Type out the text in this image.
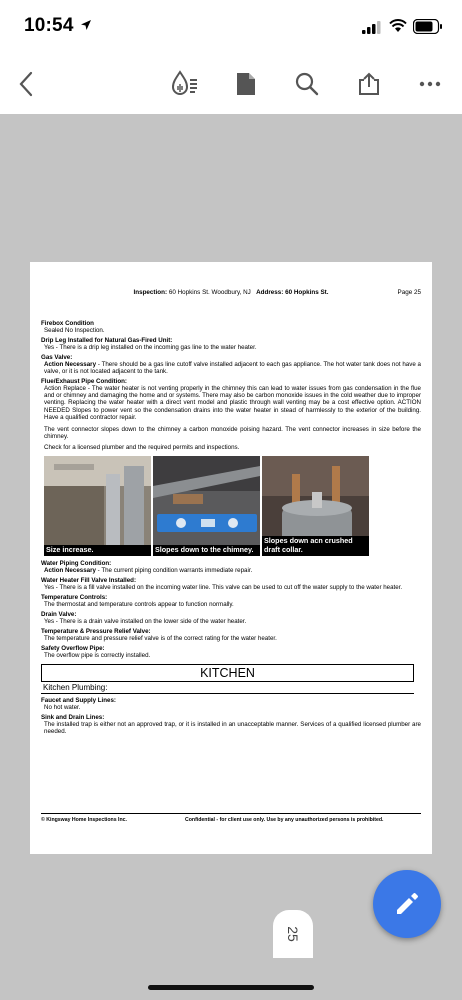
10:54
Inspection: 60 Hopkins St. Woodbury, NJ Address: 60 Hopkins St.	Page 25
Firebox Condition
Sealed No Inspection.
Drip Leg Installed for Natural Gas-Fired Unit:
Yes - There is a drip leg installed on the incoming gas line to the water heater.
Gas Valve:
Action Necessary - There should be a gas line cutoff valve installed adjacent to each gas appliance. The hot water tank does not have a valve, or it is not located adjacent to the tank.
Flue/Exhaust Pipe Condition:
Action Replace - The water heater is not venting properly in the chimney this can lead to water issues from gas condensation in the flue and or chimney and damaging the home and or systems. There may also be carbon monoxide issues in the cold weather due to improper venting. Replacing the water heater with a direct vent model and plastic through wall venting may be a cost effective option. ACTION NEEDED Slopes to power vent so the condensation drains into the water heater in stead of harmlessly to the exterior of the building. Have a qualified contractor repair.
The vent connector slopes down to the chimney a carbon monoxide poising hazard. The vent connector increases in size before the chimney.
Check for a licensed plumber and the required permits and inspections.
Size increase.	Slopes down to the chimney.
Slopes down acn crushed draft collar.
Water Piping Condition:
Action Necessary - The current piping condition warrants immediate repair.
Water Heater Fill Valve Installed:
Yes - There is a fill valve installed on the incoming water line. This valve can be used to cut off the water supply to the water heater.
Temperature Controls:
The thermostat and temperature controls appear to function normally.
Drain Valve:
Yes - There is a drain valve installed on the lower side of the water heater.
Temperature & Pressure Relief Valve:
The temperature and pressure relief valve is of the correct rating for the water heater.
Safety Overflow Pipe:
The overflow pipe is correctly installed.
KITCHEN
Kitchen Plumbing:
Faucet and Supply Lines:
No hot water.
Sink and Drain Lines:
The installed trap is either not an approved trap, or it is installed in an unacceptable manner. Services of a qualified licensed plumber are needed.
© Kingsway Home Inspections Inc.	Confidential - for client use only. Use by any unauthorized persons is prohibited.
25
